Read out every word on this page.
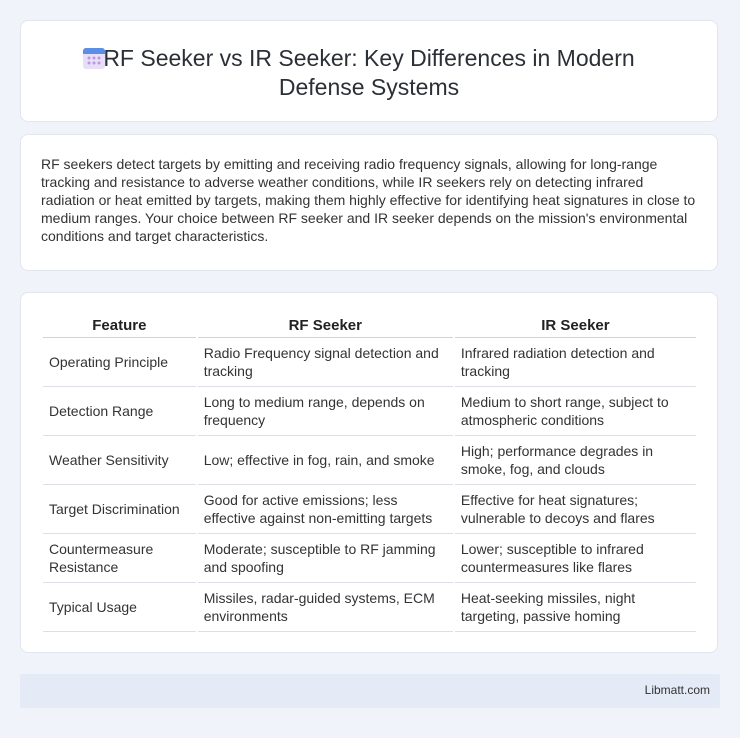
RF Seeker vs IR Seeker: Key Differences in Modern
Defense Systems
RF seekers detect targets by emitting and receiving radio frequency signals, allowing for long-range tracking and resistance to adverse weather conditions, while IR seekers rely on detecting infrared radiation or heat emitted by targets, making them highly effective for identifying heat signatures in close to medium ranges. Your choice between RF seeker and IR seeker depends on the mission's environmental conditions and target characteristics.
Feature	RF Seeker	IR Seeker
Operating Principle	Radio Frequency signal detection and tracking	Infrared radiation detection and tracking
Detection Range	Long to medium range, depends on frequency	Medium to short range, subject to atmospheric conditions
Weather Sensitivity	Low; effective in fog, rain, and smoke	High; performance degrades in smoke, fog, and clouds
Target Discrimination	Good for active emissions; less effective against non-emitting targets	Effective for heat signatures; vulnerable to decoys and flares
Countermeasure Resistance	Moderate; susceptible to RF jamming and spoofing	Lower; susceptible to infrared countermeasures like flares
Typical Usage	Missiles, radar-guided systems, ECM environments	Heat-seeking missiles, night targeting, passive homing
Libmatt.com
